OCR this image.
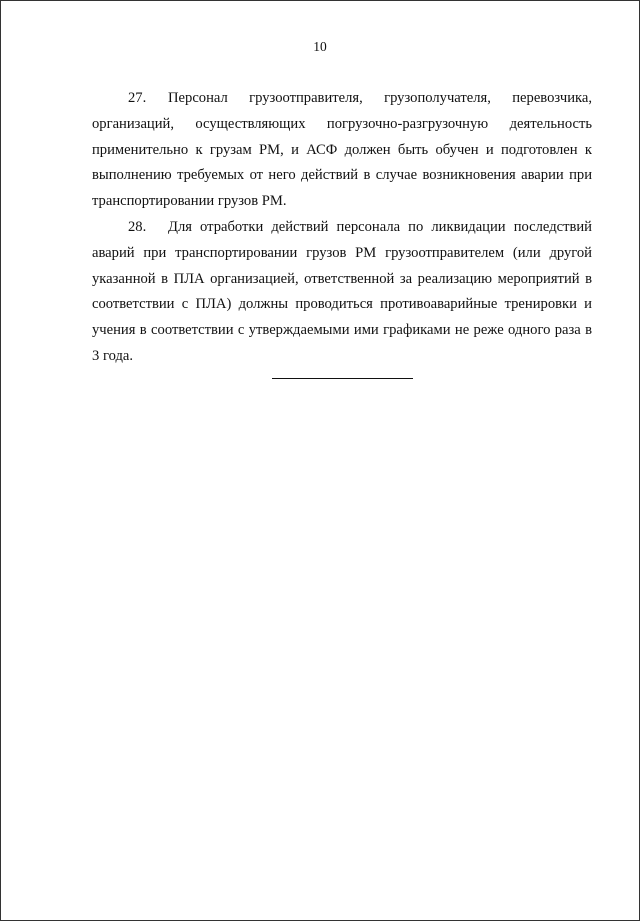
10

27. Персонал грузоотправителя, грузополучателя, перевозчика, организаций, осуществляющих погрузочно-разгрузочную деятельность применительно к грузам РМ, и АСФ должен быть обучен и подготовлен к выполнению требуемых от него действий в случае возникновения аварии при транспортировании грузов РМ.

28. Для отработки действий персонала по ликвидации последствий аварий при транспортировании грузов РМ грузоотправителем (или другой указанной в ПЛА организацией, ответственной за реализацию мероприятий в соответствии с ПЛА) должны проводиться противоаварийные тренировки и учения в соответствии с утверждаемыми ими графиками не реже одного раза в 3 года.
